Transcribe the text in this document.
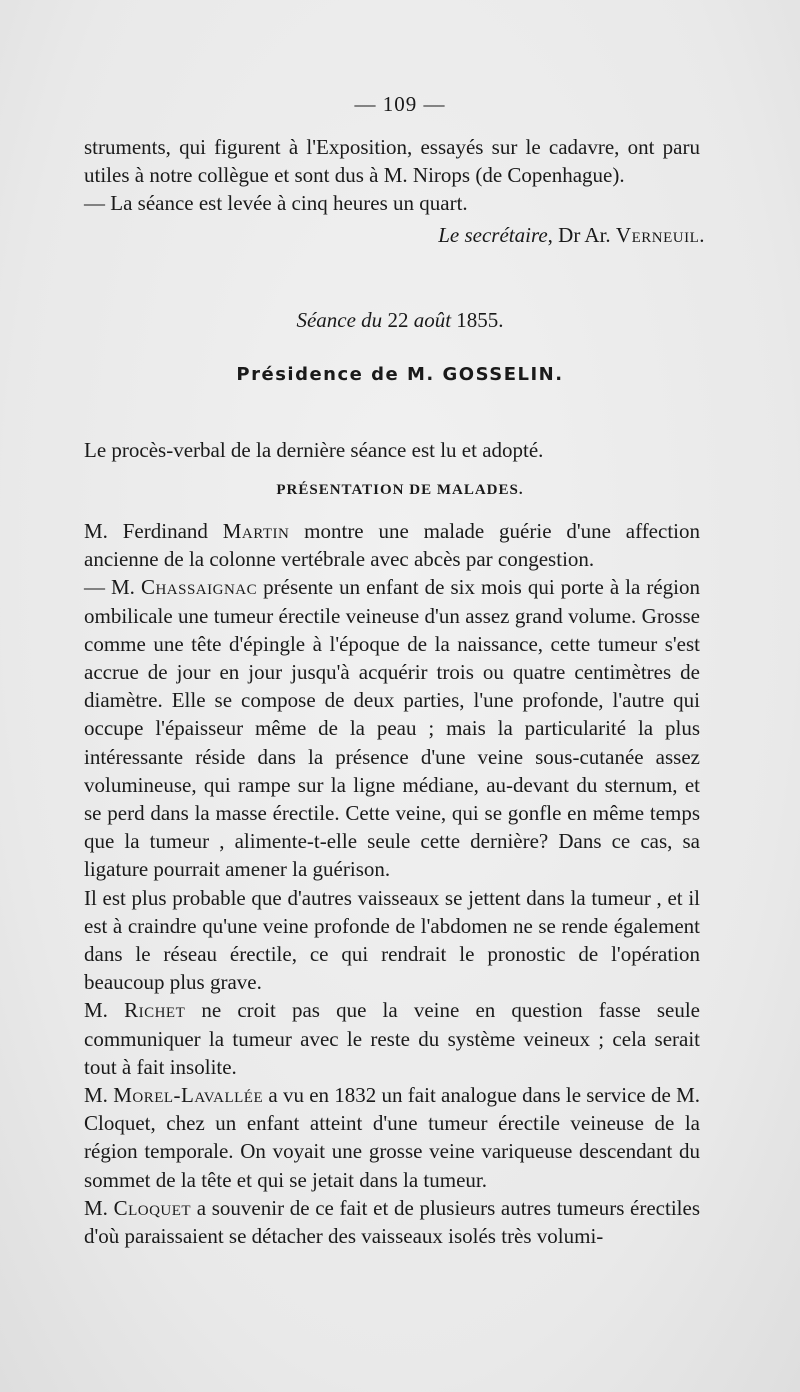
— 109 —

struments, qui figurent à l'Exposition, essayés sur le cadavre, ont paru utiles à notre collègue et sont dus à M. Nirops (de Copenhague).

— La séance est levée à cinq heures un quart.

Le secrétaire, Dr Ar. Verneuil.
Séance du 22 août 1855.
Présidence de M. GOSSELIN.
Le procès-verbal de la dernière séance est lu et adopté.
PRÉSENTATION DE MALADES.

M. Ferdinand Martin montre une malade guérie d'une affection ancienne de la colonne vertébrale avec abcès par congestion.

— M. Chassaignac présente un enfant de six mois qui porte à la région ombilicale une tumeur érectile veineuse d'un assez grand volume. Grosse comme une tête d'épingle à l'époque de la naissance, cette tumeur s'est accrue de jour en jour jusqu'à acquérir trois ou quatre centimètres de diamètre. Elle se compose de deux parties, l'une profonde, l'autre qui occupe l'épaisseur même de la peau ; mais la particularité la plus intéressante réside dans la présence d'une veine sous-cutanée assez volumineuse, qui rampe sur la ligne médiane, au-devant du sternum, et se perd dans la masse érectile. Cette veine, qui se gonfle en même temps que la tumeur , alimente-t-elle seule cette dernière? Dans ce cas, sa ligature pourrait amener la guérison.

Il est plus probable que d'autres vaisseaux se jettent dans la tumeur , et il est à craindre qu'une veine profonde de l'abdomen ne se rende également dans le réseau érectile, ce qui rendrait le pronostic de l'opération beaucoup plus grave.

M. Richet ne croit pas que la veine en question fasse seule communiquer la tumeur avec le reste du système veineux ; cela serait tout à fait insolite.

M. Morel-Lavallée a vu en 1832 un fait analogue dans le service de M. Cloquet, chez un enfant atteint d'une tumeur érectile veineuse de la région temporale. On voyait une grosse veine variqueuse descendant du sommet de la tête et qui se jetait dans la tumeur.

M. Cloquet a souvenir de ce fait et de plusieurs autres tumeurs érectiles d'où paraissaient se détacher des vaisseaux isolés très volumi-
